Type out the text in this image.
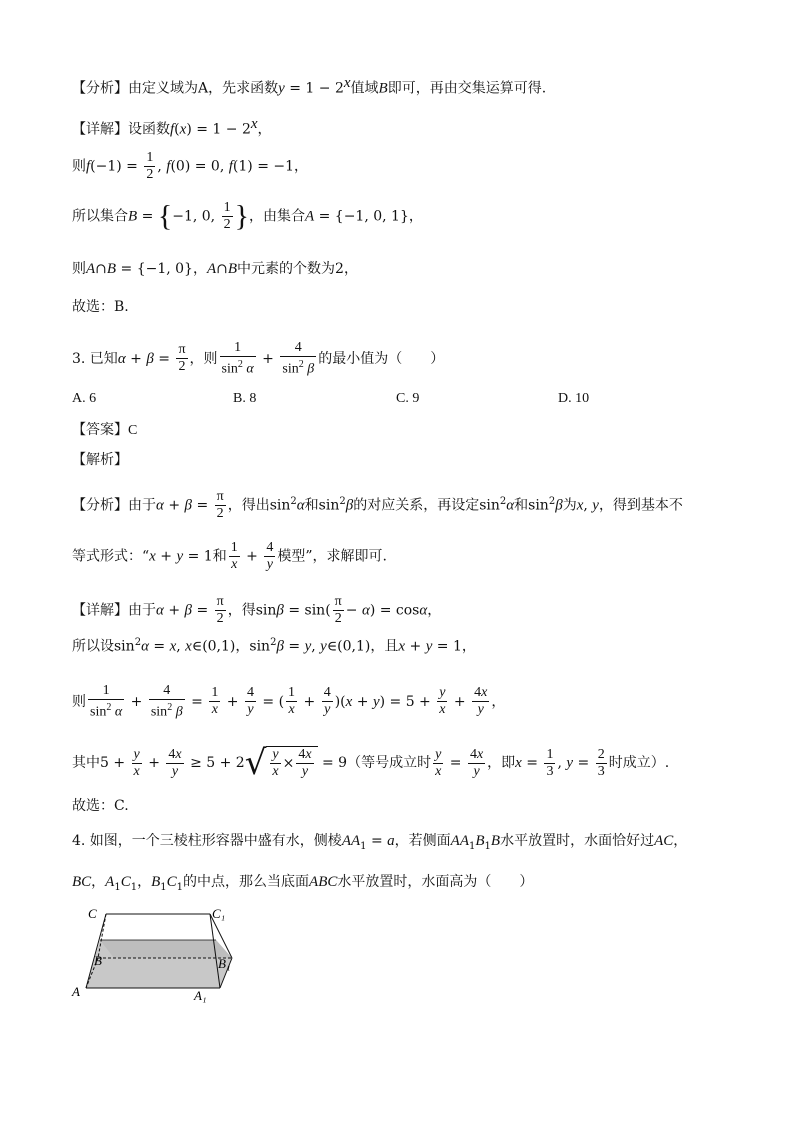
【分析】由定义域为A，先求函数$y = 1 - 2^x$值域B即可，再由交集运算可得.
【详解】设函数$f(x) = 1 - 2^x$，
则$f(-1) = \frac{1}{2}$ , f(0) = 0, f(1) = −1，
所以集合B = {−1, 0, $\frac{1}{2}$ }，由集合A = {−1, 0, 1}，
则A∩B = {−1, 0}，A∩B中元素的个数为2，
故选：B.
3. 已知$\alpha + \beta = \frac{\pi}{2}$ ，则 $\frac{1}{\sin^2 \alpha} + \frac{4}{\sin^2 \beta}$ 的最小值为（　　）
A. 6	B. 8	C. 9	D. 10
【答案】C
【解析】
【分析】由于$\alpha + \beta = \frac{\pi}{2}$ ，得出$\sin^2\alpha$和$\sin^2\beta$的对应关系，再设定$\sin^2\alpha$和$\sin^2\beta$为x, y，得到基本不
等式形式：“x + y = 1和 $\frac{1}{x} + \frac{4}{y}$ 模型”，求解即可.
【详解】由于$\alpha + \beta = \frac{\pi}{2}$ ，得$\sin\beta = \sin( \frac{\pi}{2} - \alpha) = \cos\alpha$，
所以设$\sin^2\alpha = x$, x∈(0,1)，$\sin^2\beta = y$, y∈(0,1)，且x + y = 1，
则 $\frac{1}{\sin^2 \alpha} + \frac{4}{\sin^2 \beta} = \frac{1}{x} + \frac{4}{y}$ = ( $\frac{1}{x} + \frac{4}{y} )(x + y) = 5 + \frac{y}{x} + \frac{4x}{y}$ ，
其中$5 + \frac{y}{x} + \frac{4x}{y} \ge 5 + 2√ \frac{y}{x} \times \frac{4x}{y} = 9$（等号成立时 $\frac{y}{x} = \frac{4x}{y}$ ，即$x = \frac{1}{3}$ , $y = \frac{2}{3}$ 时成立）.
故选：C.
4. 如图，一个三棱柱形容器中盛有水，侧棱$AA_1 = a$，若侧面$AA_1B_1B$水平放置时，水面恰好过AC，
BC，$A_1C_1$，$B_1C_1$的中点，那么当底面ABC水平放置时，水面高为（　　）
C	C₁
B	B₁
A	A₁
